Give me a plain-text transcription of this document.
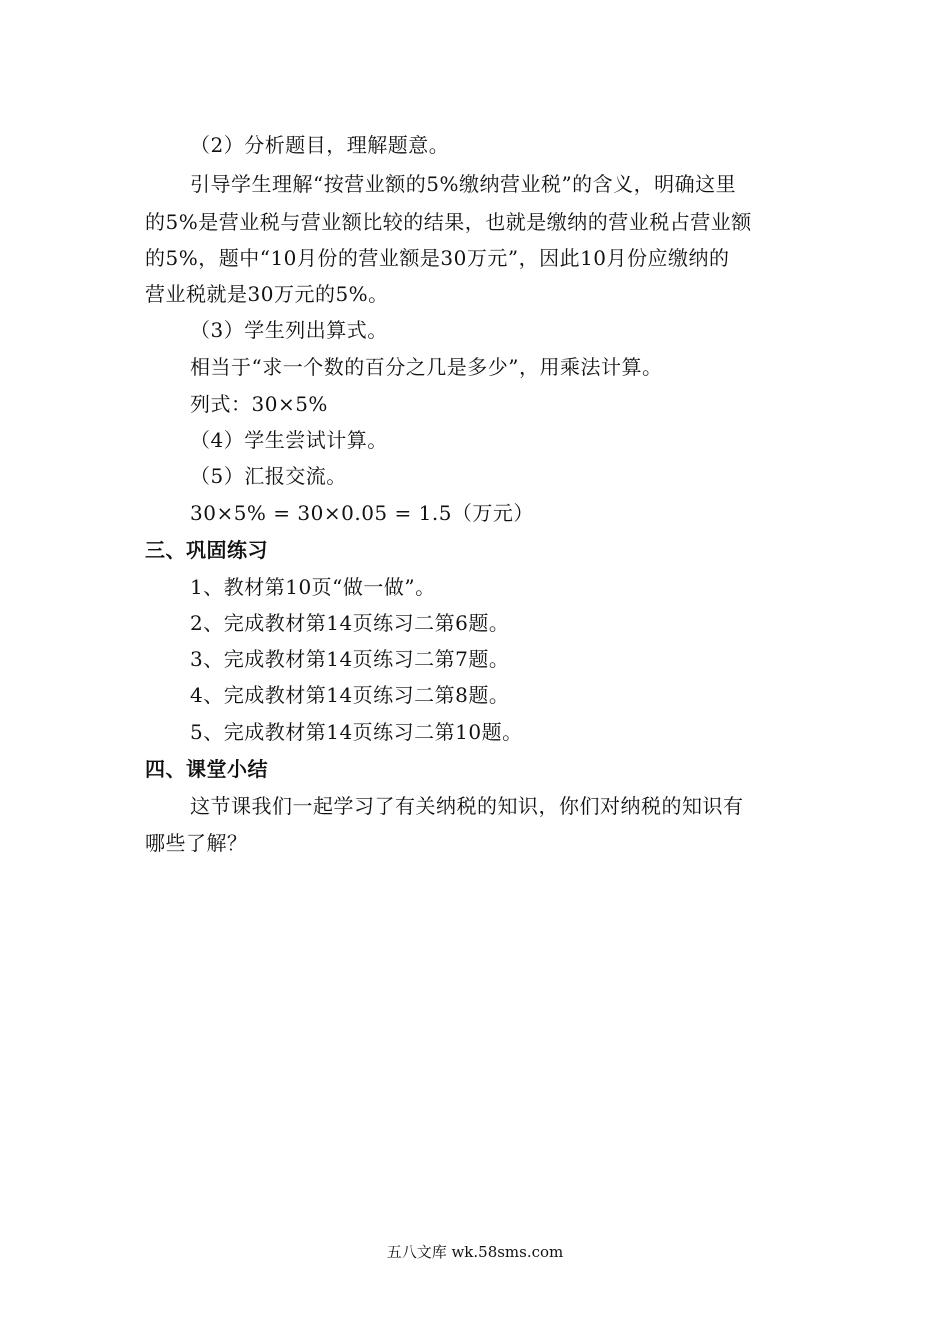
（2）分析题目，理解题意。
引导学生理解“按营业额的5%缴纳营业税”的含义，明确这里
的5%是营业税与营业额比较的结果，也就是缴纳的营业税占营业额
的5%，题中“10月份的营业额是30万元”，因此10月份应缴纳的
营业税就是30万元的5%。
（3）学生列出算式。
相当于“求一个数的百分之几是多少”，用乘法计算。
列式：30×5%
（4）学生尝试计算。
（5）汇报交流。
30×5% = 30×0.05 = 1.5（万元）
三、巩固练习
1、教材第10页“做一做”。
2、完成教材第14页练习二第6题。
3、完成教材第14页练习二第7题。
4、完成教材第14页练习二第8题。
5、完成教材第14页练习二第10题。
四、课堂小结
这节课我们一起学习了有关纳税的知识，你们对纳税的知识有
哪些了解？
五八文库 wk.58sms.com
